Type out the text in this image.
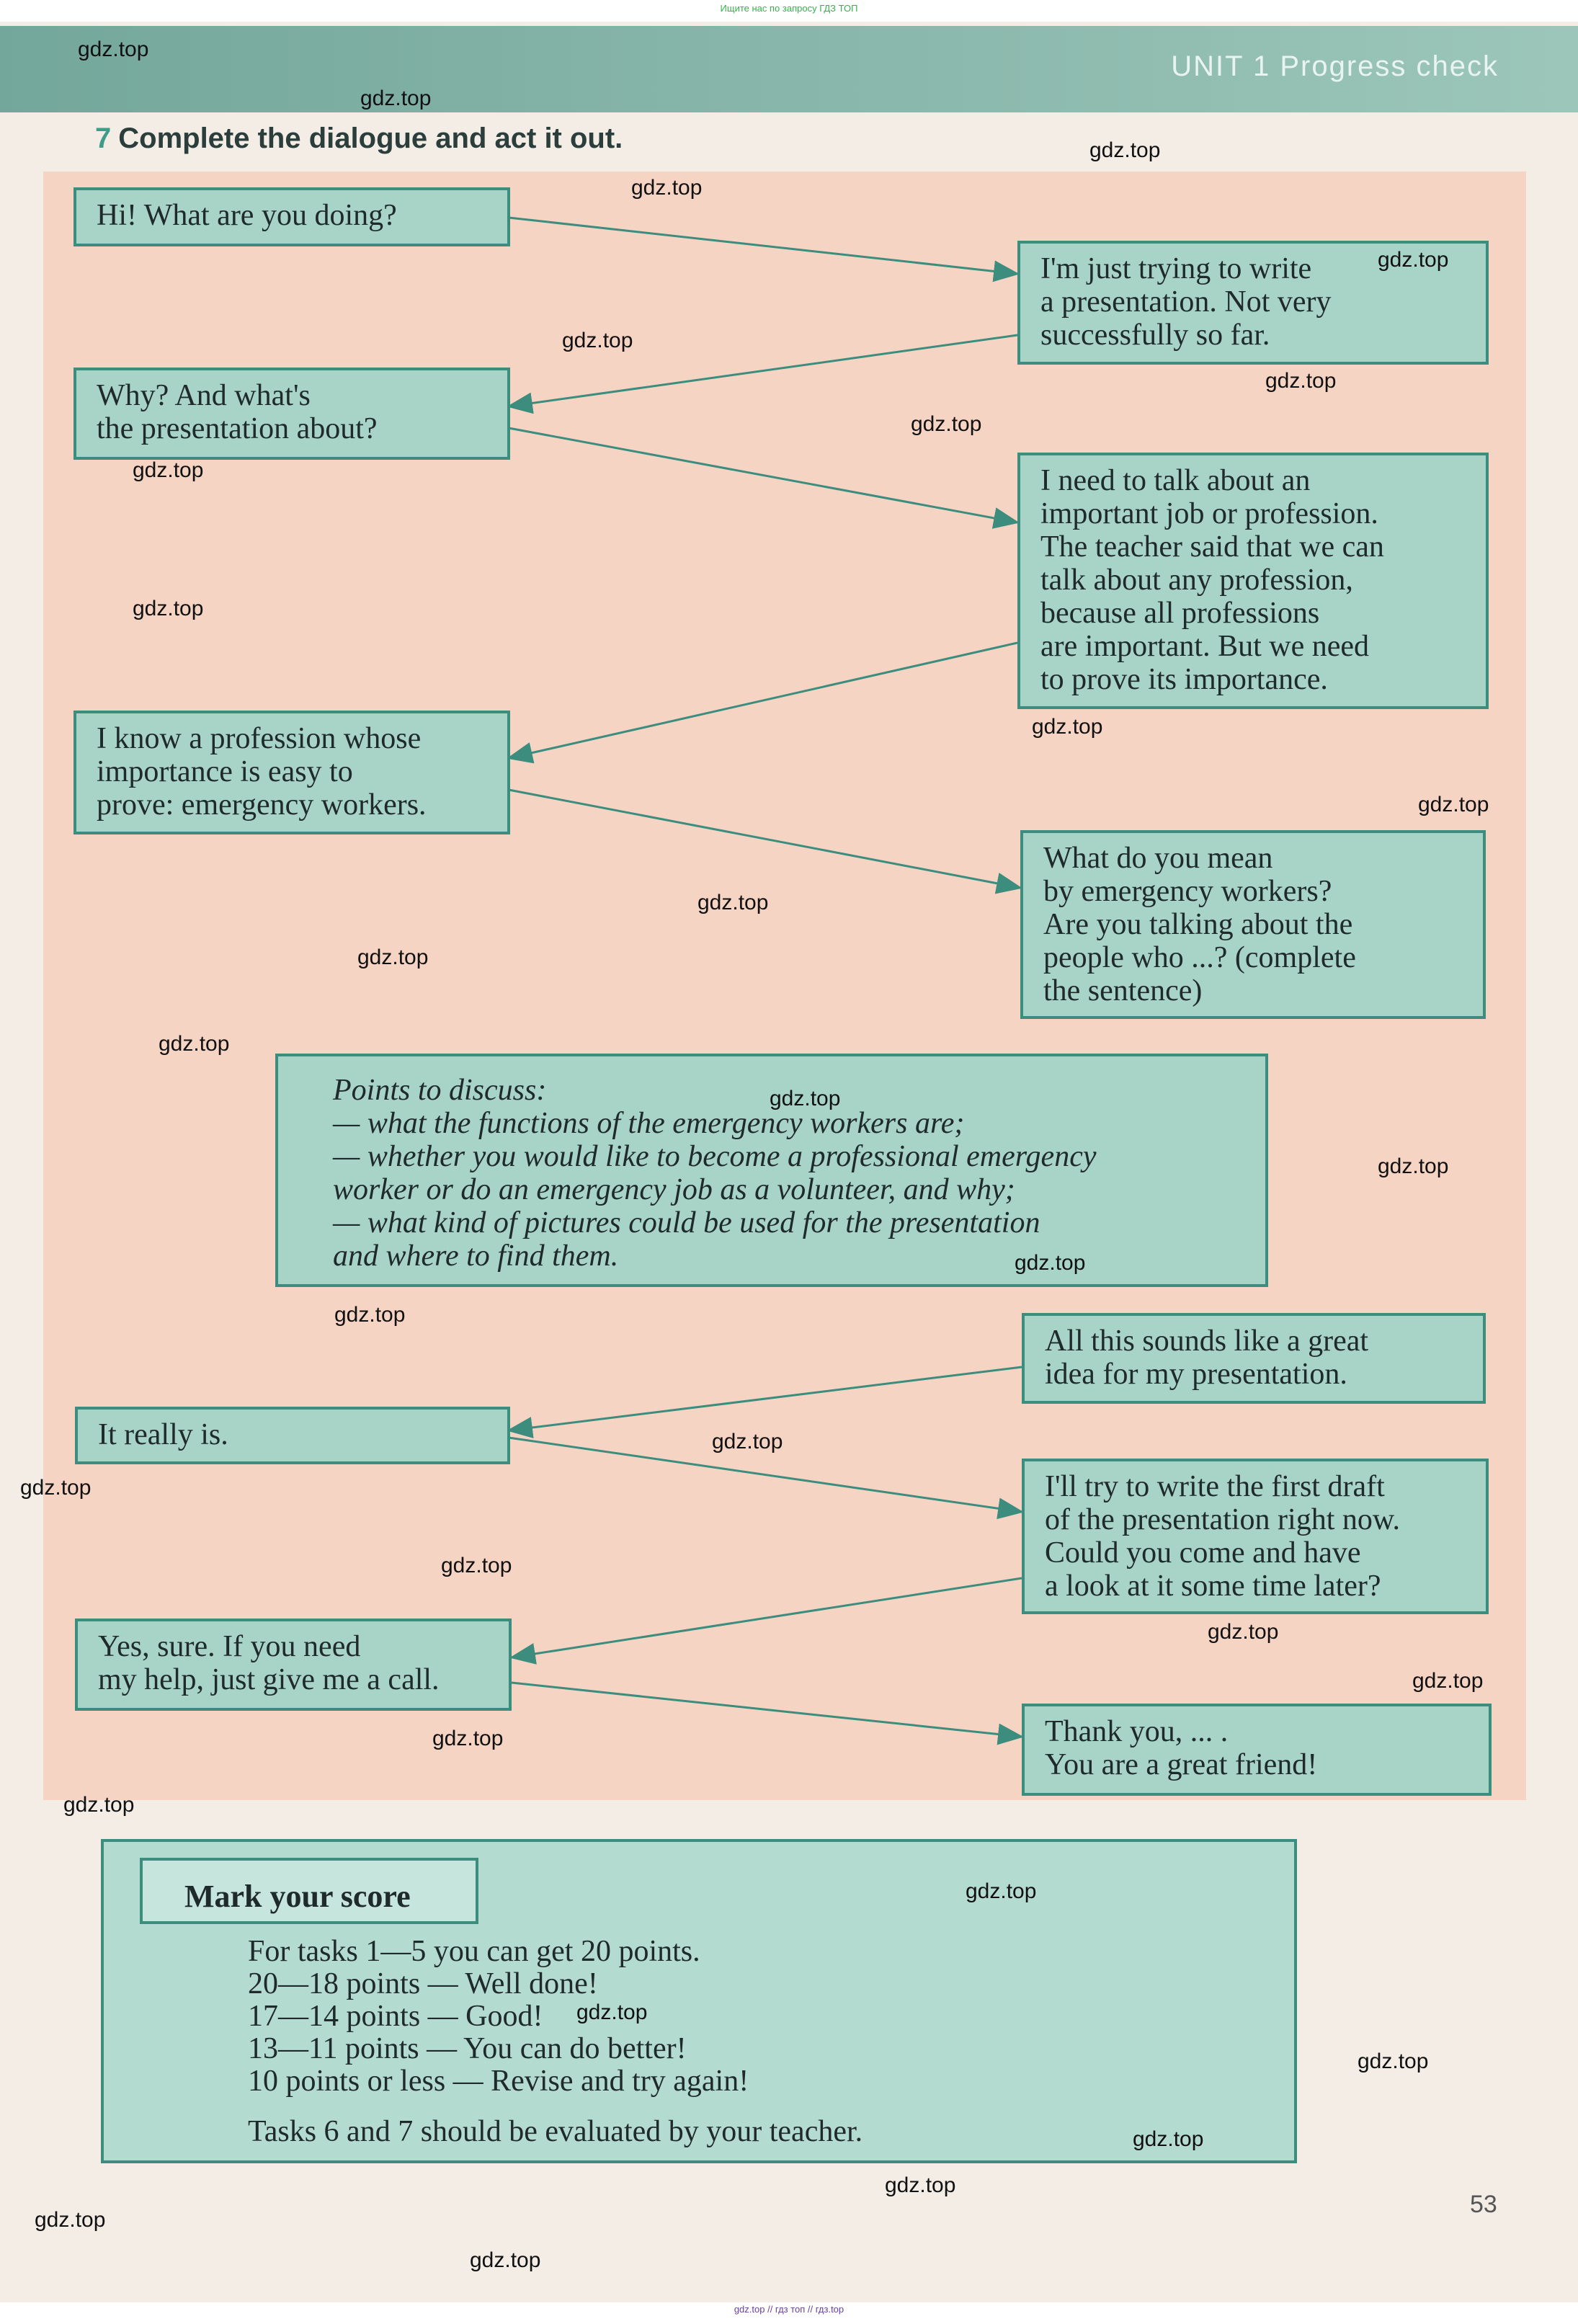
Ищите нас по запросу ГДЗ ТОП
UNIT 1 Progress check
7 Complete the dialogue and act it out.
Hi! What are you doing?
I'm just trying to write
a presentation. Not very
successfully so far.
Why? And what's
the presentation about?
I need to talk about an
important job or profession.
The teacher said that we can
talk about any profession,
because all professions
are important. But we need
to prove its importance.
I know a profession whose
importance is easy to
prove: emergency workers.
What do you mean
by emergency workers?
Are you talking about the
people who ...? (complete
the sentence)
Points to discuss:
— what the functions of the emergency workers are;
— whether you would like to become a professional emergency
worker or do an emergency job as a volunteer, and why;
— what kind of pictures could be used for the presentation
and where to find them.
All this sounds like a great
idea for my presentation.
It really is.
I'll try to write the first draft
of the presentation right now.
Could you come and have
a look at it some time later?
Yes, sure. If you need
my help, just give me a call.
Thank you, ... .
You are a great friend!
Mark your score
For tasks 1—5 you can get 20 points.
20—18 points — Well done!
17—14 points — Good!
13—11 points — You can do better!
10 points or less — Revise and try again!
Tasks 6 and 7 should be evaluated by your teacher.
53
gdz.top
gdz.top
gdz.top
gdz.top
gdz.top
gdz.top
gdz.top
gdz.top
gdz.top
gdz.top
gdz.top
gdz.top
gdz.top
gdz.top
gdz.top
gdz.top
gdz.top
gdz.top
gdz.top
gdz.top
gdz.top
gdz.top
gdz.top
gdz.top
gdz.top
gdz.top
gdz.top
gdz.top
gdz.top
gdz.top
gdz.top
gdz.top
gdz.top
gdz.top // гдз топ // гдз.top
